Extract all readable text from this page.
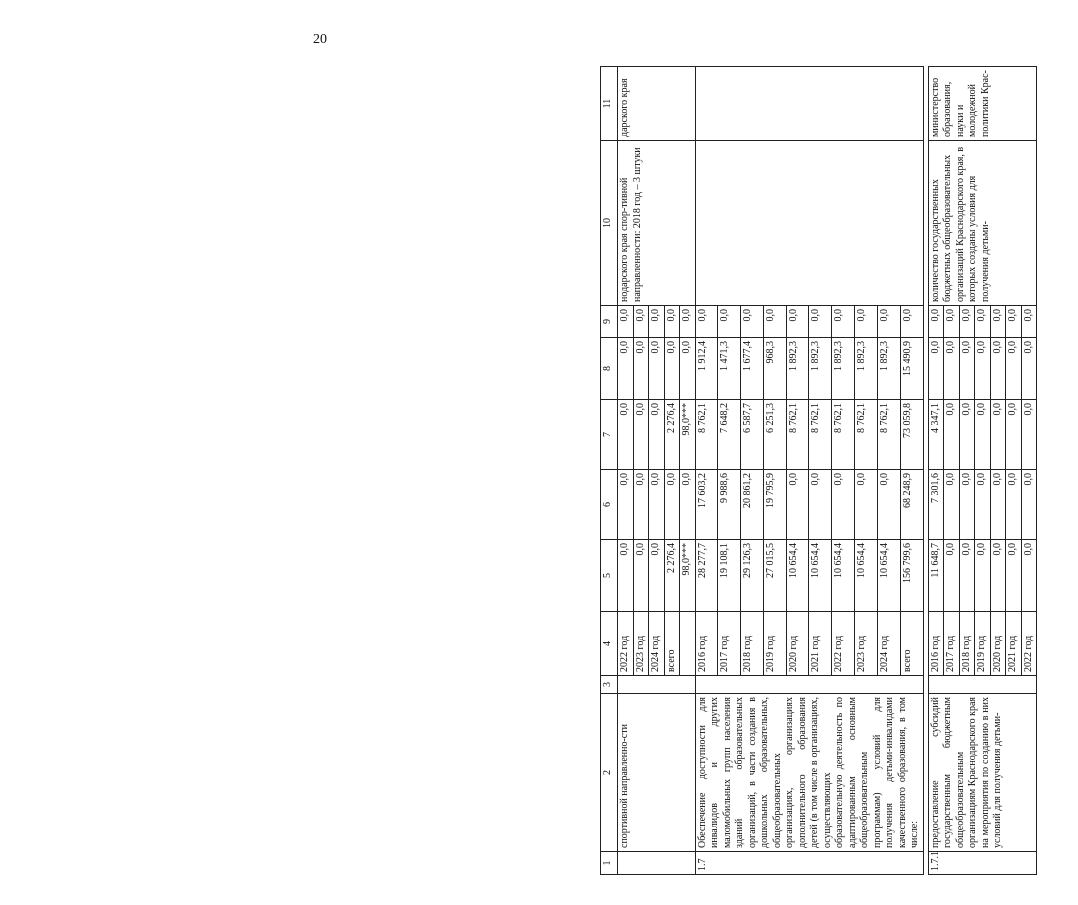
20
1	2	3	4	5	6	7	8	9	10	11
	спортивной направленно-сти		2022 год	0,0	0,0	0,0	0,0	0,0	нодарского края спор-тивной направленности: 2018 год – 3 штуки	дарского края
			2023 год	0,0	0,0	0,0	0,0	0,0		
			2024 год	0,0	0,0	0,0	0,0	0,0		
			всего	2 276,4	0,0	2 276,4	0,0	0,0		
				98,0***	0,0	98,0***	0,0	0,0		
1.7	Обеспечение доступности для инвалидов и других маломобильных групп населения зданий образовательных организаций, в части создания в дошкольных образовательных, общеобразовательных организациях, организациях дополнительного образования детей (в том числе в организациях, осуществляющих образовательную деятельность по адаптированным основным общеобразовательным программам) условий для получения детьми-инвалидами качественного образования, в том числе:		2016 год	28 277,7	17 603,2	8 762,1	1 912,4	0,0		
			2017 год	19 108,1	9 988,6	7 648,2	1 471,3	0,0		
			2018 год	29 126,3	20 861,2	6 587,7	1 677,4	0,0		
			2019 год	27 015,5	19 795,9	6 251,3	968,3	0,0		
			2020 год	10 654,4	0,0	8 762,1	1 892,3	0,0		
			2021 год	10 654,4	0,0	8 762,1	1 892,3	0,0		
			2022 год	10 654,4	0,0	8 762,1	1 892,3	0,0		
			2023 год	10 654,4	0,0	8 762,1	1 892,3	0,0		
			2024 год	10 654,4	0,0	8 762,1	1 892,3	0,0		
			всего	156 799,6	68 248,9	73 059,8	15 490,9	0,0		

1.7.1	предоставление субсидий государственным бюджетным общеобразовательным организациям Краснодарского края на мероприятия по созданию в них условий для получения детьми-		2016 год	11 648,7	7 301,6	4 347,1	0,0	0,0	количество государственных бюджетных общеобразовательных организаций Краснодарского края, в которых созданы условия для получения детьми-	министерство образования, науки и молодежной политики Крас-
			2017 год	0,0	0,0	0,0	0,0	0,0		
			2018 год	0,0	0,0	0,0	0,0	0,0		
			2019 год	0,0	0,0	0,0	0,0	0,0		
			2020 год	0,0	0,0	0,0	0,0	0,0		
			2021 год	0,0	0,0	0,0	0,0	0,0		
			2022 год	0,0	0,0	0,0	0,0	0,0		
